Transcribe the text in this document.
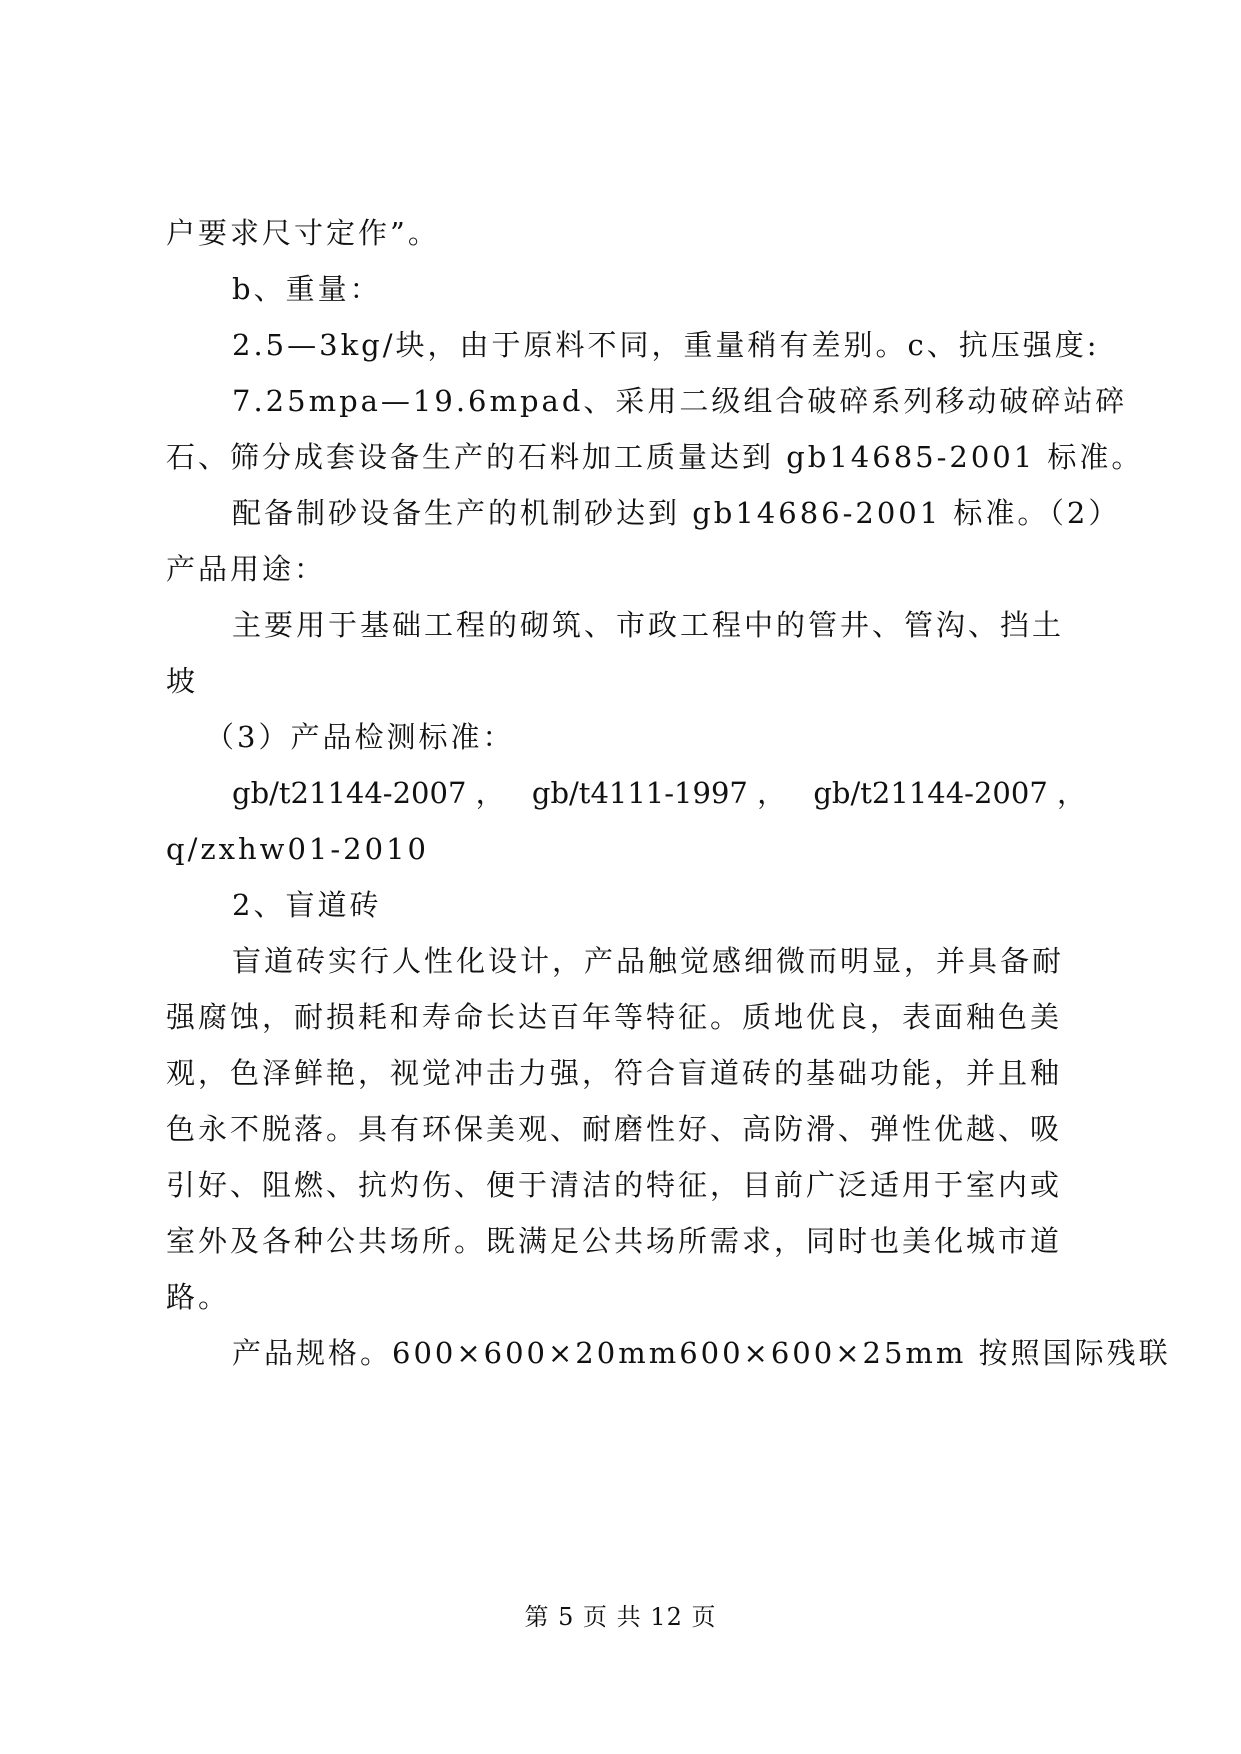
户要求尺寸定作”。
b、重量：
2.5—3kg/块，由于原料不同，重量稍有差别。c、抗压强度:
7.25mpa—19.6mpad、采用二级组合破碎系列移动破碎站碎
石、筛分成套设备生产的石料加工质量达到 gb14685-2001 标准。
配备制砂设备生产的机制砂达到 gb14686-2001 标准。（2）
产品用途：
主要用于基础工程的砌筑、市政工程中的管井、管沟、挡土
坡
（3）产品检测标准：
gb/t21144-2007 ， gb/t4111-1997 ， gb/t21144-2007 ，
q/zxhw01-2010
2、盲道砖
盲道砖实行人性化设计，产品触觉感细微而明显，并具备耐
强腐蚀，耐损耗和寿命长达百年等特征。质地优良，表面釉色美
观，色泽鲜艳，视觉冲击力强，符合盲道砖的基础功能，并且釉
色永不脱落。具有环保美观、耐磨性好、高防滑、弹性优越、吸
引好、阻燃、抗灼伤、便于清洁的特征，目前广泛适用于室内或
室外及各种公共场所。既满足公共场所需求，同时也美化城市道
路。
产品规格。600×600×20mm600×600×25mm 按照国际残联
第 5 页 共 12 页
